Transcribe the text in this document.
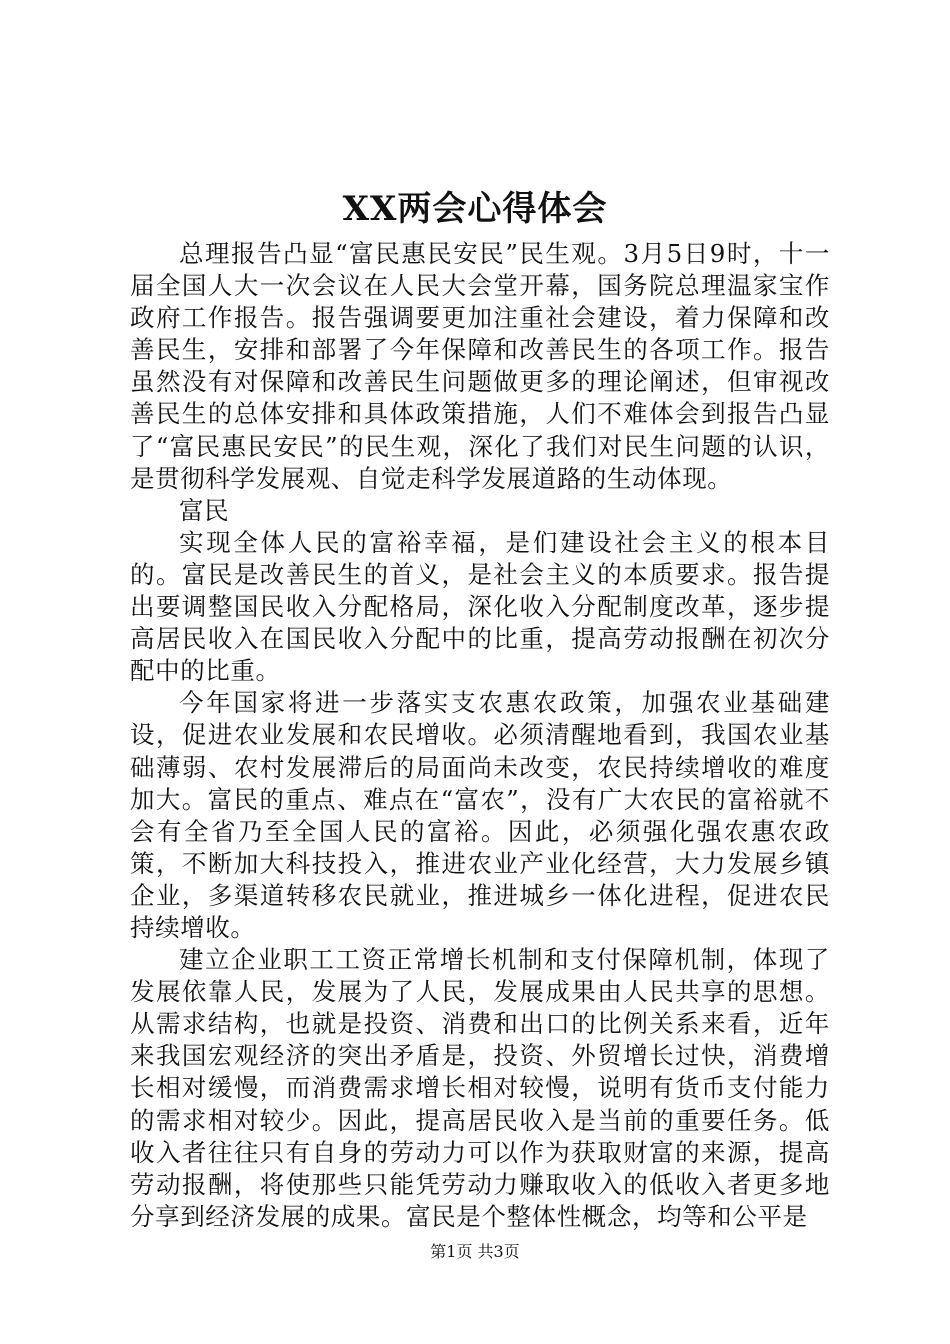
XX两会心得体会

总理报告凸显“富民惠民安民”民生观。3月5日9时，十一届全国人大一次会议在人民大会堂开幕，国务院总理温家宝作政府工作报告。报告强调要更加注重社会建设，着力保障和改善民生，安排和部署了今年保障和改善民生的各项工作。报告虽然没有对保障和改善民生问题做更多的理论阐述，但审视改善民生的总体安排和具体政策措施，人们不难体会到报告凸显了“富民惠民安民”的民生观，深化了我们对民生问题的认识，是贯彻科学发展观、自觉走科学发展道路的生动体现。

富民

实现全体人民的富裕幸福，是们建设社会主义的根本目的。富民是改善民生的首义，是社会主义的本质要求。报告提出要调整国民收入分配格局，深化收入分配制度改革，逐步提高居民收入在国民收入分配中的比重，提高劳动报酬在初次分配中的比重。

今年国家将进一步落实支农惠农政策，加强农业基础建设，促进农业发展和农民增收。必须清醒地看到，我国农业基础薄弱、农村发展滞后的局面尚未改变，农民持续增收的难度加大。富民的重点、难点在“富农”，没有广大农民的富裕就不会有全省乃至全国人民的富裕。因此，必须强化强农惠农政策，不断加大科技投入，推进农业产业化经营，大力发展乡镇企业，多渠道转移农民就业，推进城乡一体化进程，促进农民持续增收。

建立企业职工工资正常增长机制和支付保障机制，体现了发展依靠人民，发展为了人民，发展成果由人民共享的思想。从需求结构，也就是投资、消费和出口的比例关系来看，近年来我国宏观经济的突出矛盾是，投资、外贸增长过快，消费增长相对缓慢，而消费需求增长相对较慢，说明有货币支付能力的需求相对较少。因此，提高居民收入是当前的重要任务。低收入者往往只有自身的劳动力可以作为获取财富的来源，提高劳动报酬，将使那些只能凭劳动力赚取收入的低收入者更多地分享到经济发展的成果。富民是个整体性概念，均等和公平是

第1页 共3页
